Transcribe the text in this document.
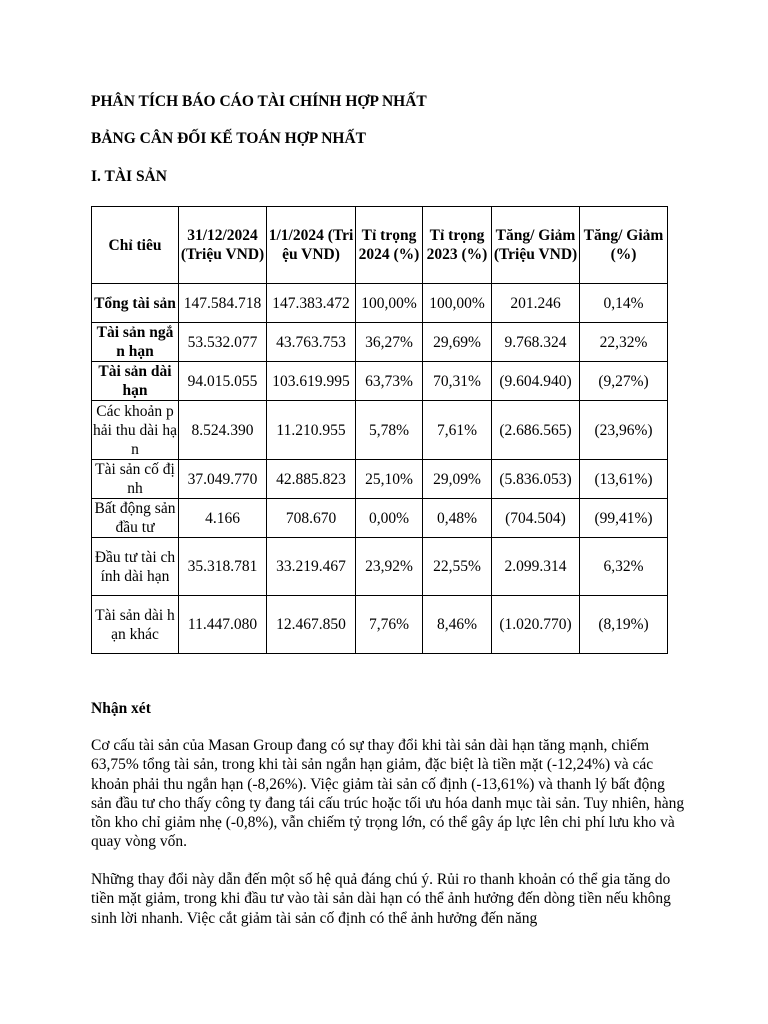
PHÂN TÍCH BÁO CÁO TÀI CHÍNH HỢP NHẤT
BẢNG CÂN ĐỐI KẾ TOÁN HỢP NHẤT
I. TÀI SẢN
Chỉ tiêu	31/12/2024 (Triệu VND)	1/1/2024 (Triệu VND)	Tỉ trọng 2024 (%)	Tỉ trọng 2023 (%)	Tăng/ Giảm (Triệu VND)	Tăng/ Giảm (%)
Tổng tài sản	147.584.718	147.383.472	100,00%	100,00%	201.246	0,14%
Tài sản ngắn hạn	53.532.077	43.763.753	36,27%	29,69%	9.768.324	22,32%
Tài sản dài hạn	94.015.055	103.619.995	63,73%	70,31%	(9.604.940)	(9,27%)
Các khoản phải thu dài hạn	8.524.390	11.210.955	5,78%	7,61%	(2.686.565)	(23,96%)
Tài sản cố định	37.049.770	42.885.823	25,10%	29,09%	(5.836.053)	(13,61%)
Bất động sản đầu tư	4.166	708.670	0,00%	0,48%	(704.504)	(99,41%)
Đầu tư tài chính dài hạn	35.318.781	33.219.467	23,92%	22,55%	2.099.314	6,32%
Tài sản dài hạn khác	11.447.080	12.467.850	7,76%	8,46%	(1.020.770)	(8,19%)
Nhận xét

Cơ cấu tài sản của Masan Group đang có sự thay đổi khi tài sản dài hạn tăng mạnh, chiếm 63,75% tổng tài sản, trong khi tài sản ngắn hạn giảm, đặc biệt là tiền mặt (-12,24%) và các khoản phải thu ngắn hạn (-8,26%). Việc giảm tài sản cố định (-13,61%) và thanh lý bất động sản đầu tư cho thấy công ty đang tái cấu trúc hoặc tối ưu hóa danh mục tài sản. Tuy nhiên, hàng tồn kho chỉ giảm nhẹ (-0,8%), vẫn chiếm tỷ trọng lớn, có thể gây áp lực lên chi phí lưu kho và quay vòng vốn.

Những thay đổi này dẫn đến một số hệ quả đáng chú ý. Rủi ro thanh khoản có thể gia tăng do tiền mặt giảm, trong khi đầu tư vào tài sản dài hạn có thể ảnh hưởng đến dòng tiền nếu không sinh lời nhanh. Việc cắt giảm tài sản cố định có thể ảnh hưởng đến năng
